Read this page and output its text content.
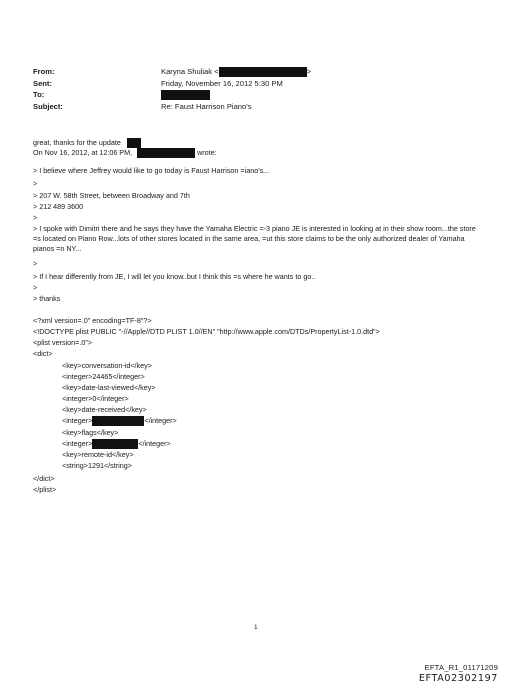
From:	Karyna Shuliak <	>
Sent:	Friday, November 16, 2012 5:30 PM
To:
Subject:	Re: Faust Harrison Piano's
great, thanks for the update
On Nov 16, 2012, at 12:06 PM,	wrote:
> I believe where Jeffrey would like to go today is Faust Harrison =iano's...
>
> 207 W. 58th Street, between Broadway and 7th
> 212 489 3600
>
> I spoke with Dimitri there and he says they have the Yamaha Electric =-3 piano JE is interested in looking at in their show room...the store =s located on Piano Row...lots of other stores located in the same area, =ut this store claims to be the only authorized dealer of Yamaha pianos =n NY...
>
> If I hear differently from JE, I will let you know..but I think this =s where he wants to go..
>
> thanks
<?xml version=.0" encoding=TF-8"?>
<!DOCTYPE plist PUBLIC "-//Apple//DTD PLIST 1.0//EN" "http://www.apple.com/DTDs/PropertyList-1.0.dtd">
<plist version=.0">
<dict>
<key>conversation-id</key>
<integer>24465</integer>
<key>date-last-viewed</key>
<integer>0</integer>
<key>date-received</key>
<integer>	</integer>
<key>flags</key>
<integer>	</integer>
<key>remote-id</key>
<string>1291</string>
</dict>
</plist>
1
EFTA_R1_01171209
EFTA02302197
